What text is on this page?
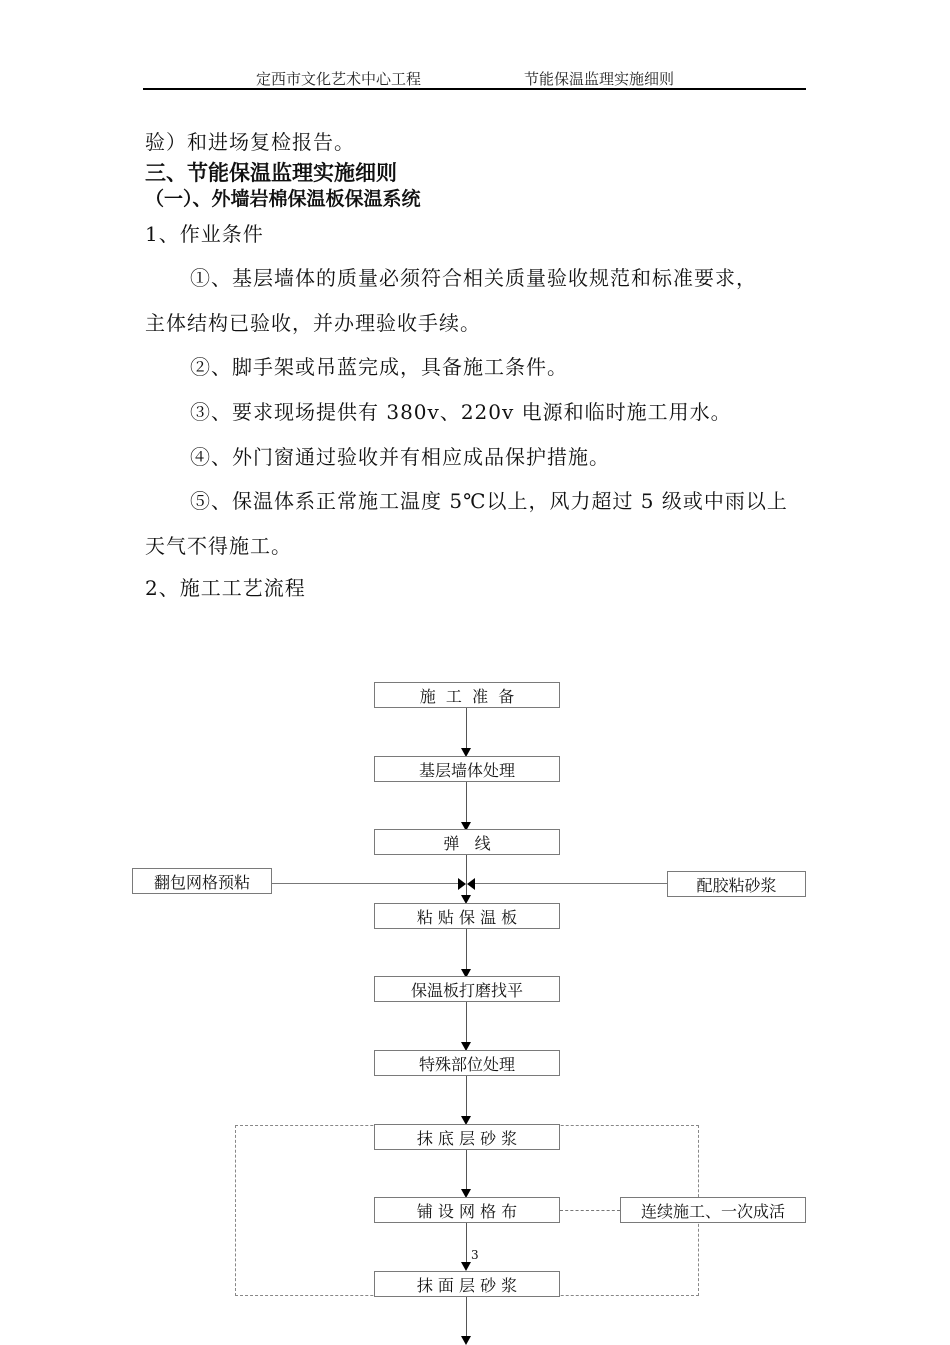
定西市文化艺术中心工程	节能保温监理实施细则
验）和进场复检报告。
三、节能保温监理实施细则
（一）、外墙岩棉保温板保温系统
1、作业条件
①、基层墙体的质量必须符合相关质量验收规范和标准要求，
主体结构已验收，并办理验收手续。
②、脚手架或吊蓝完成，具备施工条件。
③、要求现场提供有 380v、220v 电源和临时施工用水。
④、外门窗通过验收并有相应成品保护措施。
⑤、保温体系正常施工温度 5℃以上，风力超过 5 级或中雨以上
天气不得施工。
2、施工工艺流程
施  工  准  备
基层墙体处理
弹   线
粘 贴 保 温 板
保温板打磨找平
特殊部位处理
抹 底 层 砂 浆
铺 设 网 格 布
抹 面 层 砂 浆
翻包网格预粘	配胶粘砂浆
连续施工、一次成活
3
